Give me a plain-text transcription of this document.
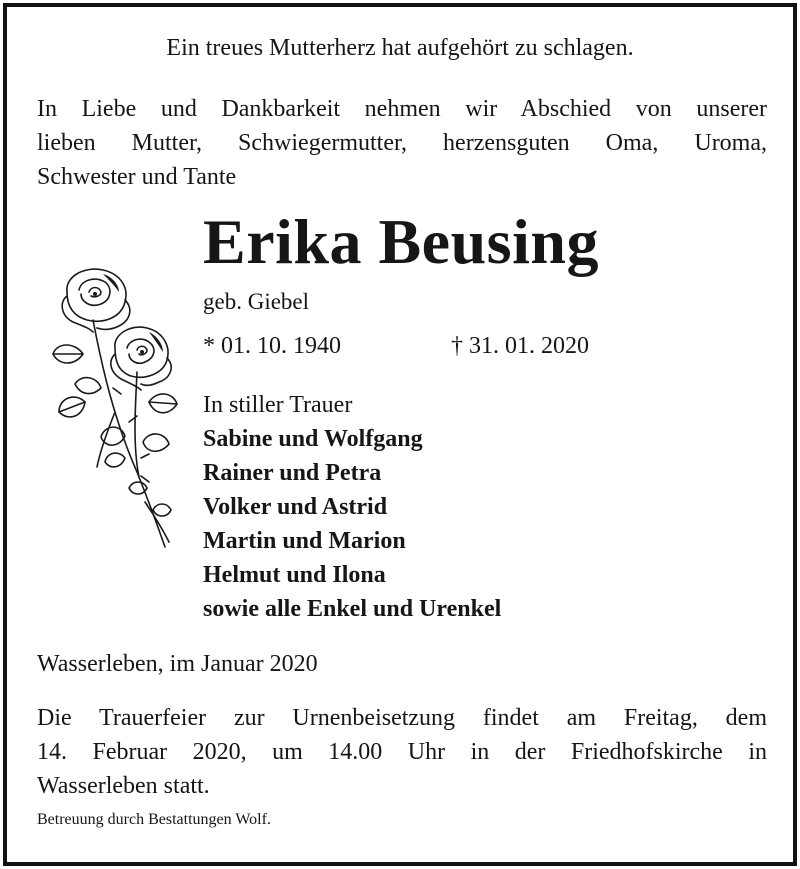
Ein treues Mutterherz hat aufgehört zu schlagen.
In Liebe und Dankbarkeit nehmen wir Abschied von unserer
lieben Mutter, Schwiegermutter, herzensguten Oma, Uroma,
Schwester und Tante
Erika Beusing
geb. Giebel
* 01. 10. 1940	† 31. 01. 2020
In stiller Trauer
Sabine und Wolfgang
Rainer und Petra
Volker und Astrid
Martin und Marion
Helmut und Ilona
sowie alle Enkel und Urenkel
Wasserleben, im Januar 2020
Die Trauerfeier zur Urnenbeisetzung findet am Freitag, dem
14. Februar 2020, um 14.00 Uhr in der Friedhofskirche in
Wasserleben statt.
Betreuung durch Bestattungen Wolf.
